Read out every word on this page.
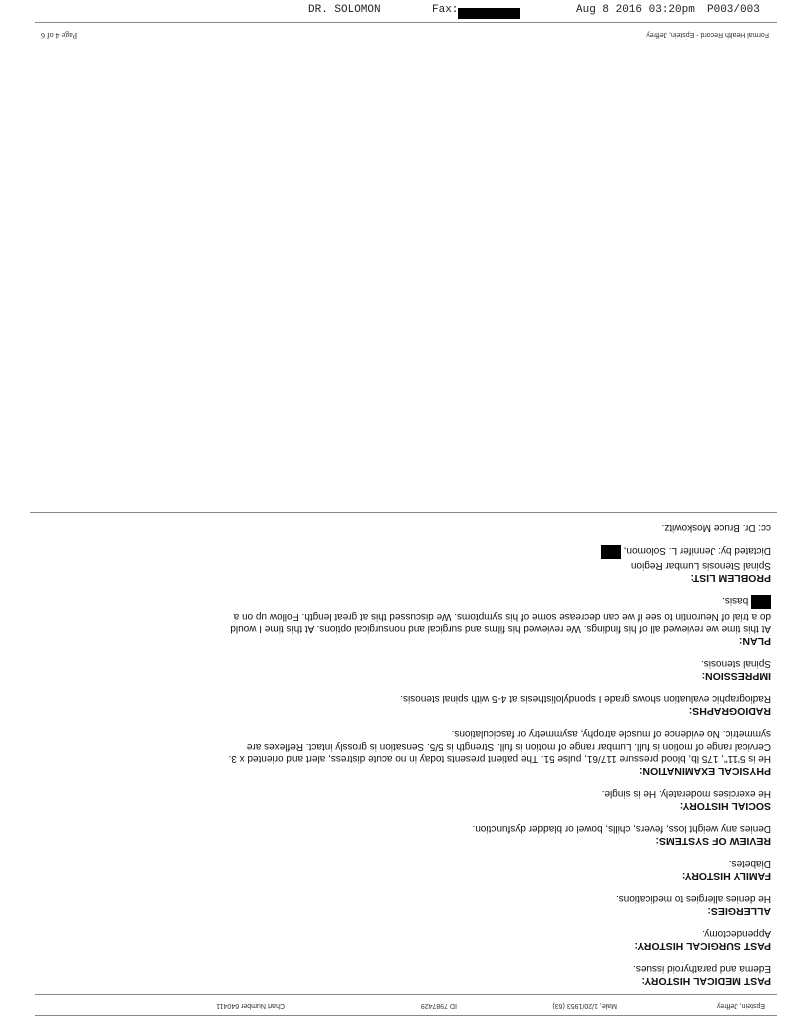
DR. SOLOMON	Fax:	Aug 8 2016 03:20pm P003/003
Epstein, Jeffrey
Male, 1/20/1953 (63)
ID 7987429
Chart Number 640411

PAST MEDICAL HISTORY:

Edema and parathyroid issues.

PAST SURGICAL HISTORY:

Appendectomy.

ALLERGIES:

He denies allergies to medications.

FAMILY HISTORY:

Diabetes.

REVIEW OF SYSTEMS:

Denies any weight loss, fevers, chills, bowel or bladder dysfunction.

SOCIAL HISTORY:

He exercises moderately. He is single.

PHYSICAL EXAMINATION:

He is 5'11", 175 lb, blood pressure 117/61, pulse 51. The patient presents today in no acute distress, alert and oriented x 3.

Cervical range of motion is full. Lumbar range of motion is full. Strength is 5/5. Sensation is grossly intact. Reflexes are

symmetric. No evidence of muscle atrophy, asymmetry or fasciculations.

RADIOGRAPHS:

Radiographic evaluation shows grade I spondylolisthesis at 4-5 with spinal stenosis.

IMPRESSION:

Spinal stenosis.

PLAN:

At this time we reviewed all of his findings. We reviewed his films and surgical and nonsurgical options. At this time I would

do a trial of Neurontin to see if we can decrease some of his symptoms. We discussed this at great length. Follow up on a

basis.

PROBLEM LIST:

Spinal Stenosis Lumbar Region

Dictated by: Jennifer L. Solomon,

cc: Dr. Bruce Moskowitz.

Formal Health Record - Epstein, Jeffrey
Page 4 of 6
